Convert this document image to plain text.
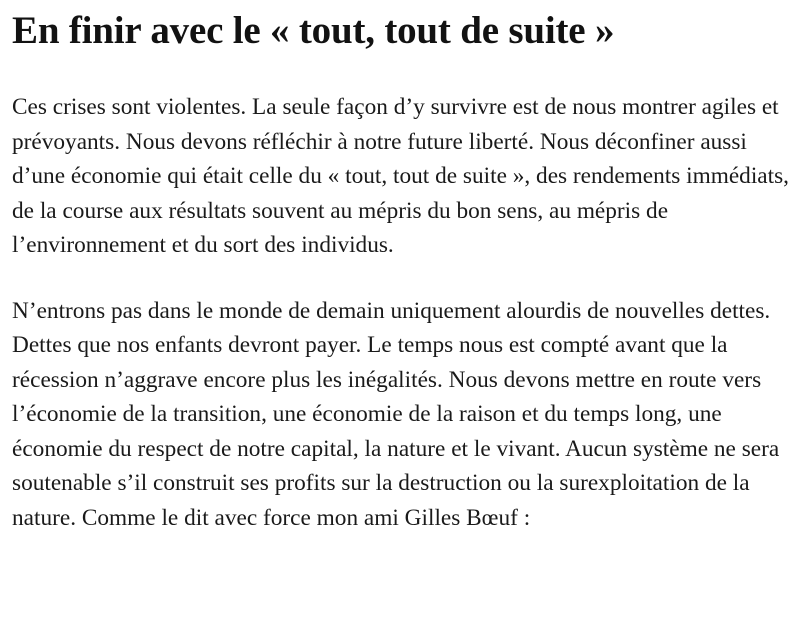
En finir avec le « tout, tout de suite »

Ces crises sont violentes. La seule façon d’y survivre est de nous montrer agiles et prévoyants. Nous devons réfléchir à notre future liberté. Nous déconfiner aussi d’une économie qui était celle du « tout, tout de suite », des rendements immédiats, de la course aux résultats souvent au mépris du bon sens, au mépris de l’environnement et du sort des individus.

N’entrons pas dans le monde de demain uniquement alourdis de nouvelles dettes. Dettes que nos enfants devront payer. Le temps nous est compté avant que la récession n’aggrave encore plus les inégalités. Nous devons mettre en route vers l’économie de la transition, une économie de la raison et du temps long, une économie du respect de notre capital, la nature et le vivant. Aucun système ne sera soutenable s’il construit ses profits sur la destruction ou la surexploitation de la nature. Comme le dit avec force mon ami Gilles Bœuf :
